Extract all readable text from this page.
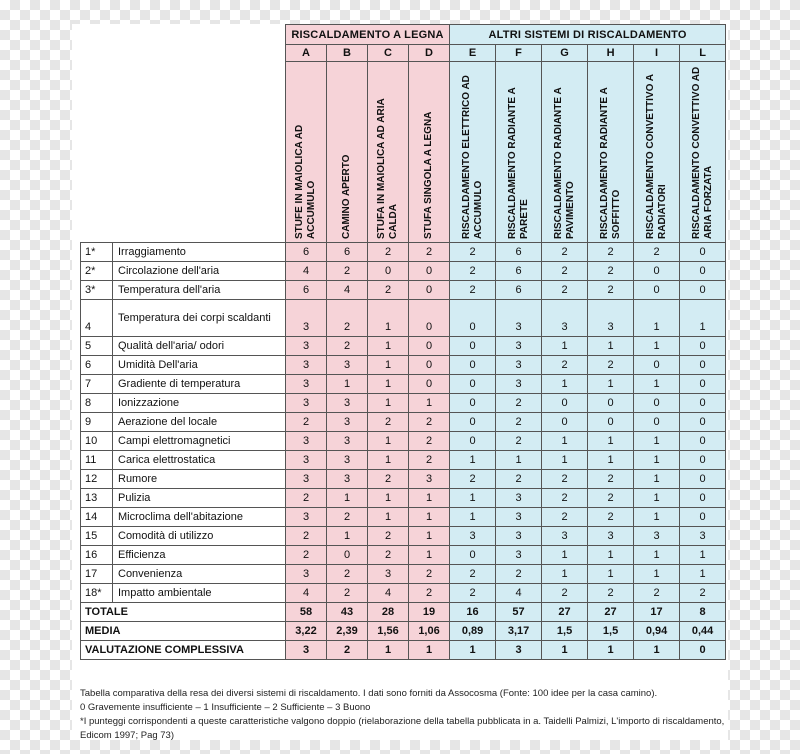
		RISCALDAMENTO A LEGNA				ALTRI SISTEMI DI RISCALDAMENTO					
		A	B	C	D	E	F	G	H	I	L

		STUFE IN MAIOLICA AD ACCUMULO	CAMINO APERTO	STUFA IN MAIOLICA AD ARIA CALDA	STUFA SINGOLA A LEGNA	RISCALDAMENTO ELETTRICO AD ACCUMULO	RISCALDAMENTO RADIANTE A PARETE	RISCALDAMENTO RADIANTE A PAVIMENTO	RISCALDAMENTO RADIANTE A SOFFITTO	RISCALDAMENTO CONVETTIVO A RADIATORI	RISCALDAMENTO CONVETTIVO AD ARIA FORZATA

1*	Irraggiamento	6	6	2	2	2	6	2	2	2	0
2*	Circolazione dell'aria	4	2	0	0	2	6	2	2	0	0
3*	Temperatura dell'aria	6	4	2	0	2	6	2	2	0	0
4	Temperatura dei corpi scaldanti	3	2	1	0	0	3	3	3	1	1
5	Qualità dell'aria/ odori	3	2	1	0	0	3	1	1	1	0
6	Umidità Dell'aria	3	3	1	0	0	3	2	2	0	0
7	Gradiente di temperatura	3	1	1	0	0	3	1	1	1	0
8	Ionizzazione	3	3	1	1	0	2	0	0	0	0
9	Aerazione del locale	2	3	2	2	0	2	0	0	0	0
10	Campi elettromagnetici	3	3	1	2	0	2	1	1	1	0
11	Carica elettrostatica	3	3	1	2	1	1	1	1	1	0
12	Rumore	3	3	2	3	2	2	2	2	1	0
13	Pulizia	2	1	1	1	1	3	2	2	1	0
14	Microclima dell'abitazione	3	2	1	1	1	3	2	2	1	0
15	Comodità di utilizzo	2	1	2	1	3	3	3	3	3	3
16	Efficienza	2	0	2	1	0	3	1	1	1	1
17	Convenienza	3	2	3	2	2	2	1	1	1	1
18*	Impatto ambientale	4	2	4	2	2	4	2	2	2	2
TOTALE		58	43	28	19	16	57	27	27	17	8
MEDIA		3,22	2,39	1,56	1,06	0,89	3,17	1,5	1,5	0,94	0,44
VALUTAZIONE COMPLESSIVA		3	2	1	1	1	3	1	1	1	0
Tabella comparativa della resa dei diversi sistemi di riscaldamento. I dati sono forniti da Assocosma (Fonte: 100 idee per la casa camino).
0 Gravemente insufficiente – 1 Insufficiente – 2 Sufficiente – 3 Buono
*I punteggi corrispondenti a queste caratteristiche valgono doppio (rielaborazione della tabella pubblicata in a. Taidelli Palmizi, L'importo di riscaldamento,
Edicom 1997; Pag 73)
